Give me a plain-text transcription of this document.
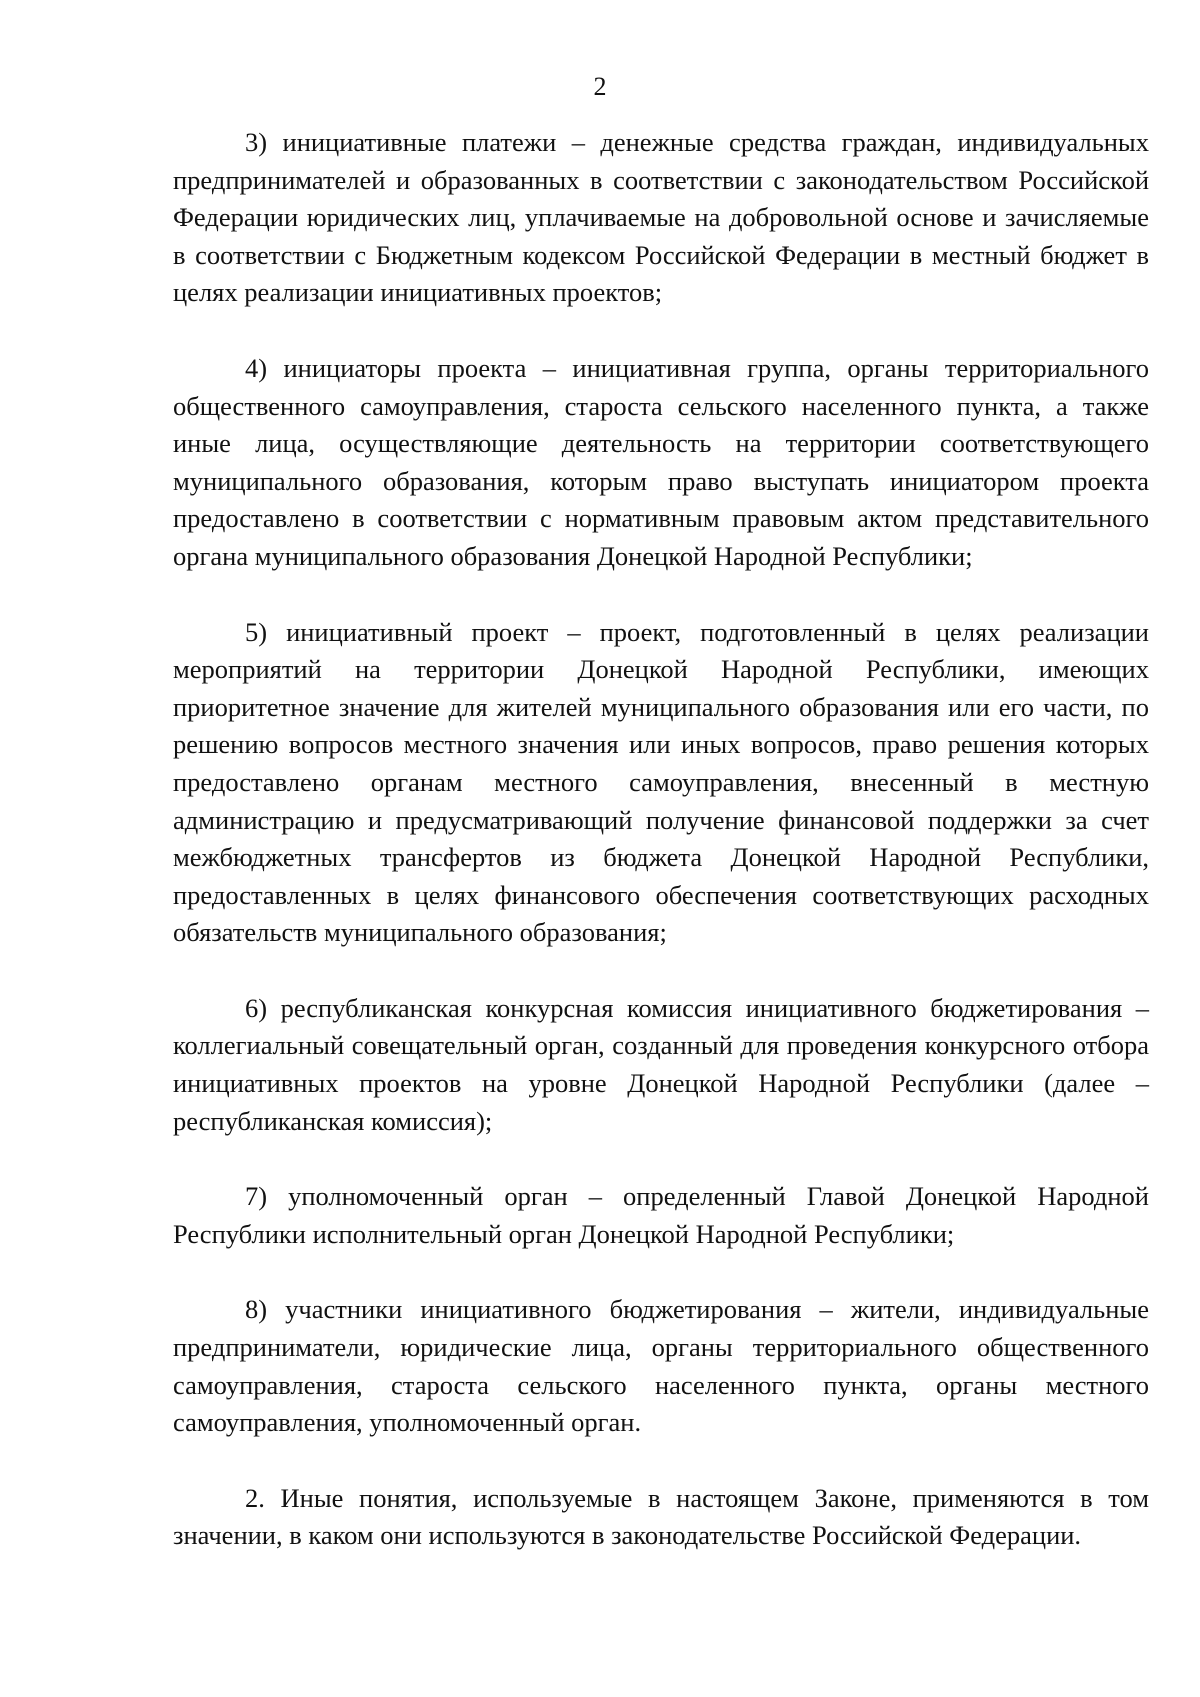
2

3) инициативные платежи – денежные средства граждан, индивидуальных предпринимателей и образованных в соответствии с законодательством Российской Федерации юридических лиц, уплачиваемые на добровольной основе и зачисляемые в соответствии с Бюджетным кодексом Российской Федерации в местный бюджет в целях реализации инициативных проектов;

4) инициаторы проекта – инициативная группа, органы территориального общественного самоуправления, староста сельского населенного пункта, а также иные лица, осуществляющие деятельность на территории соответствующего муниципального образования, которым право выступать инициатором проекта предоставлено в соответствии с нормативным правовым актом представительного органа муниципального образования Донецкой Народной Республики;

5) инициативный проект – проект, подготовленный в целях реализации мероприятий на территории Донецкой Народной Республики, имеющих приоритетное значение для жителей муниципального образования или его части, по решению вопросов местного значения или иных вопросов, право решения которых предоставлено органам местного самоуправления, внесенный в местную администрацию и предусматривающий получение финансовой поддержки за счет межбюджетных трансфертов из бюджета Донецкой Народной Республики, предоставленных в целях финансового обеспечения соответствующих расходных обязательств муниципального образования;

6) республиканская конкурсная комиссия инициативного бюджетирования – коллегиальный совещательный орган, созданный для проведения конкурсного отбора инициативных проектов на уровне Донецкой Народной Республики (далее – республиканская комиссия);

7) уполномоченный орган – определенный Главой Донецкой Народной Республики исполнительный орган Донецкой Народной Республики;

8) участники инициативного бюджетирования – жители, индивидуальные предприниматели, юридические лица, органы территориального общественного самоуправления, староста сельского населенного пункта, органы местного самоуправления, уполномоченный орган.

2. Иные понятия, используемые в настоящем Законе, применяются в том значении, в каком они используются в законодательстве Российской Федерации.
